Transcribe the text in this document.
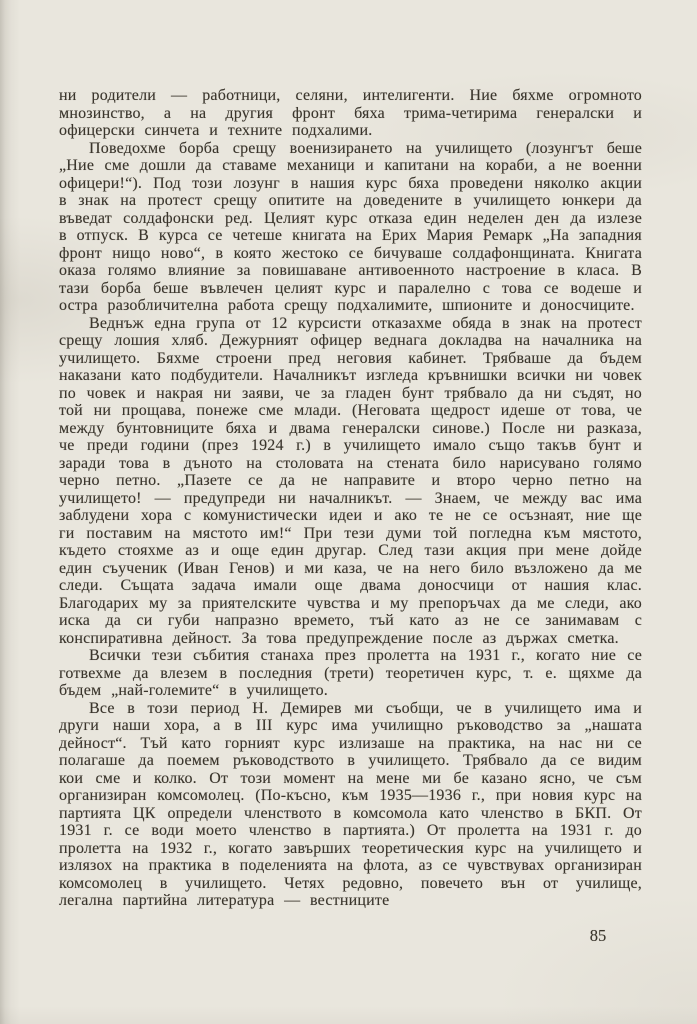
ни родители — работници, селяни, интелигенти. Ние бяхме огромното мнозинство, а на другия фронт бяха трима-четирима генералски и офицерски синчета и техните подхалими.

Поведохме борба срещу военизирането на училището (лозунгът беше „Ние сме дошли да ставаме механици и капитани на кораби, а не военни офицери!“). Под този лозунг в нашия курс бяха проведени няколко акции в знак на протест срещу опитите на доведените в училището юнкери да въведат солдафонски ред. Целият курс отказа един неделен ден да излезе в отпуск. В курса се четеше книгата на Ерих Мария Ремарк „На западния фронт нищо ново“, в която жестоко се бичуваше солдафонщината. Книгата оказа голямо влияние за повишаване антивоенното настроение в класа. В тази борба беше въвлечен целият курс и паралелно с това се водеше и остра разобличителна работа срещу подхалимите, шпионите и доносчиците.

Веднъж една група от 12 курсисти отказахме обяда в знак на протест срещу лошия хляб. Дежурният офицер веднага докладва на началника на училището. Бяхме строени пред неговия кабинет. Трябваше да бъдем наказани като подбудители. Началникът изгледа кръвнишки всички ни човек по човек и накрая ни заяви, че за гладен бунт трябвало да ни съдят, но той ни прощава, понеже сме млади. (Неговата щедрост идеше от това, че между бунтовниците бяха и двама генералски синове.) После ни разказа, че преди години (през 1924 г.) в училището имало също такъв бунт и заради това в дъното на столовата на стената било нарисувано голямо черно петно. „Пазете се да не направите и второ черно петно на училището! — предупреди ни началникът. — Знаем, че между вас има заблудени хора с комунистически идеи и ако те не се осъзнаят, ние ще ги поставим на мястото им!“ При тези думи той погледна към мястото, където стояхме аз и още един другар. След тази акция при мене дойде един съученик (Иван Генов) и ми каза, че на него било възложено да ме следи. Същата задача имали още двама доносчици от нашия клас. Благодарих му за приятелските чувства и му препоръчах да ме следи, ако иска да си губи напразно времето, тъй като аз не се занимавам с конспиративна дейност. За това предупреждение после аз държах сметка.

Всички тези събития станаха през пролетта на 1931 г., когато ние се готвехме да влезем в последния (трети) теоретичен курс, т. е. щяхме да бъдем „най-големите“ в училището.

Все в този период Н. Демирев ми съобщи, че в училището има и други наши хора, а в III курс има училищно ръководство за „нашата дейност“. Тъй като горният курс излизаше на практика, на нас ни се полагаше да поемем ръководството в училището. Трябвало да се видим кои сме и колко. От този момент на мене ми бе казано ясно, че съм организиран комсомолец. (По-късно, към 1935—1936 г., при новия курс на партията ЦК определи членството в комсомола като членство в БКП. От 1931 г. се води моето членство в партията.) От пролетта на 1931 г. до пролетта на 1932 г., когато завърших теоретическия курс на училището и излязох на практика в поделенията на флота, аз се чувствувах организиран комсомолец в училището. Четях редовно, повечето вън от училище, легална партийна литература — вестниците

85
